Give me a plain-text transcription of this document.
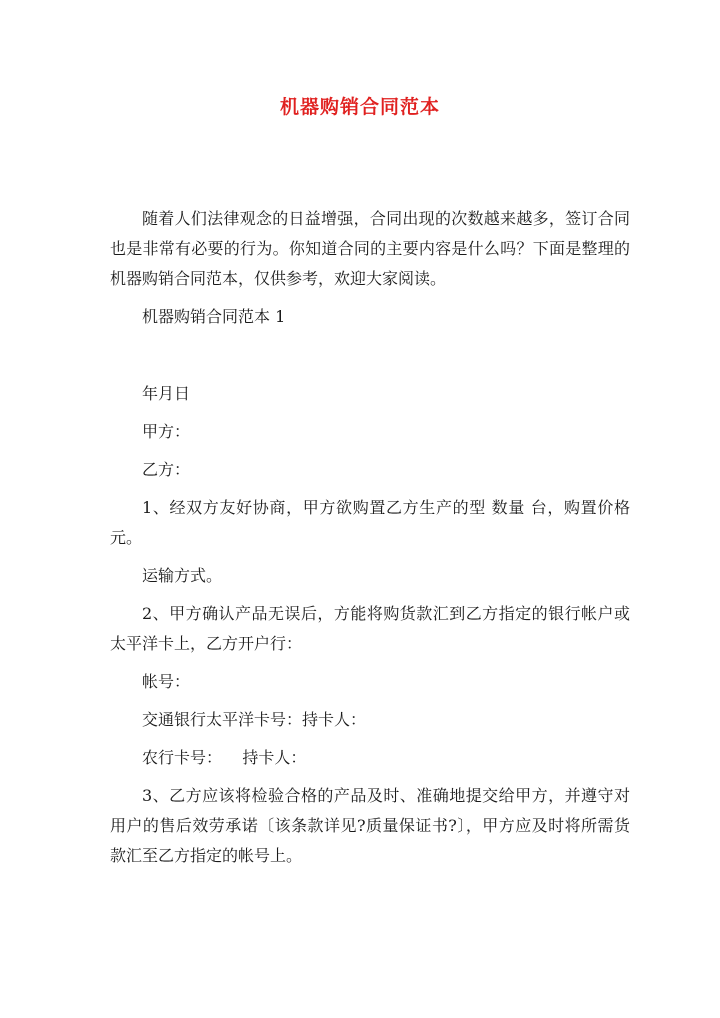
机器购销合同范本

随着人们法律观念的日益增强，合同出现的次数越来越多，签订合同也是非常有必要的行为。你知道合同的主要内容是什么吗？下面是整理的机器购销合同范本，仅供参考，欢迎大家阅读。

机器购销合同范本 1

年月日

甲方：

乙方：

1、经双方友好协商，甲方欲购置乙方生产的型 数量 台，购置价格 元。

运输方式。

2、甲方确认产品无误后，方能将购货款汇到乙方指定的银行帐户或太平洋卡上，乙方开户行：

帐号：

交通银行太平洋卡号：持卡人：

农行卡号：    持卡人：

3、乙方应该将检验合格的产品及时、准确地提交给甲方，并遵守对用户的售后效劳承诺〔该条款详见?质量保证书?〕，甲方应及时将所需货款汇至乙方指定的帐号上。
